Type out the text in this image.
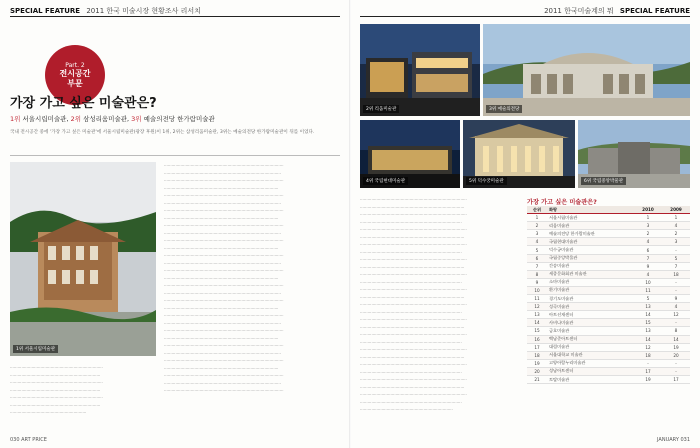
SPECIAL FEATURE 2011 한국 미술시장 현황조사 리서치	2011 한국미술계의 뭐 SPECIAL FEATURE
Part. 2
전시공간
부문
가장 가고 싶은 미술관은?
1위 서울시립미술관, 2위 삼성리움미술관, 3위 예술의전당 한가람미술관
국내 전시공간 중에 '가장 가고 싶은 미술관'에 서울시립미술관(광장 후원)이 1위, 2위는 삼성리움미술관, 3위는 예술의전당 한가람미술관이 뒤를 이었다.
1위 서울시립미술관
······························································································
····························································································
······························································································
··························································································
······························································································
····························································································
······························································································
··························································································
······························································································
····························································································
······························································································
··························································································
······························································································
····························································································
······························································································
··························································································
······························································································
····························································································
······························································································
··························································································
······························································································
····························································································
······························································································
··························································································
······························································································
····························································································
······························································································
··························································································
······························································································
····························································································
······························································································
·········································································
·······································································
·········································································
·······································································
·········································································
·······································································
····························································
030 ART PRICE
2위 리움미술관	3위 예술의전당
4위 국립현대미술관	5위 덕수궁미술관	6위 국립중앙박물관
····················································································
··················································································
····················································································
················································································
····················································································
··················································································
····················································································
················································································
····················································································
··················································································
····················································································
················································································
····················································································
··················································································
····················································································
················································································
····················································································
··················································································
····················································································
················································································
····················································································
··················································································
····················································································
················································································
····················································································
··················································································
····················································································
················································································
·········································································
가장 가고 싶은 미술관은?
순위	화랑	2010	2009
1	서울시립미술관	1	1
2	리움미술관	3	4
3	예술의전당 한가람미술관	2	2
4	국립현대미술관	4	3
5	덕수궁미술관	6	-
6	국립중앙박물관	7	5
7	간송미술관	9	7
8	세종문화회관 미술관	4	18
9	소마미술관	10	-
10	환기미술관	11	-
11	경기도미술관	5	9
12	성곡미술관	13	4
13	아트선재센터	14	12
14	사비나미술관	15	-
15	금호미술관	13	8
16	백남준아트센터	14	14
17	대림미술관	12	19
18	서울대학교 미술관	18	20
19	고양아람누리미술관	-	-
20	성남아트센터	17	-
21	토탈미술관	19	17
JANUARY 031
